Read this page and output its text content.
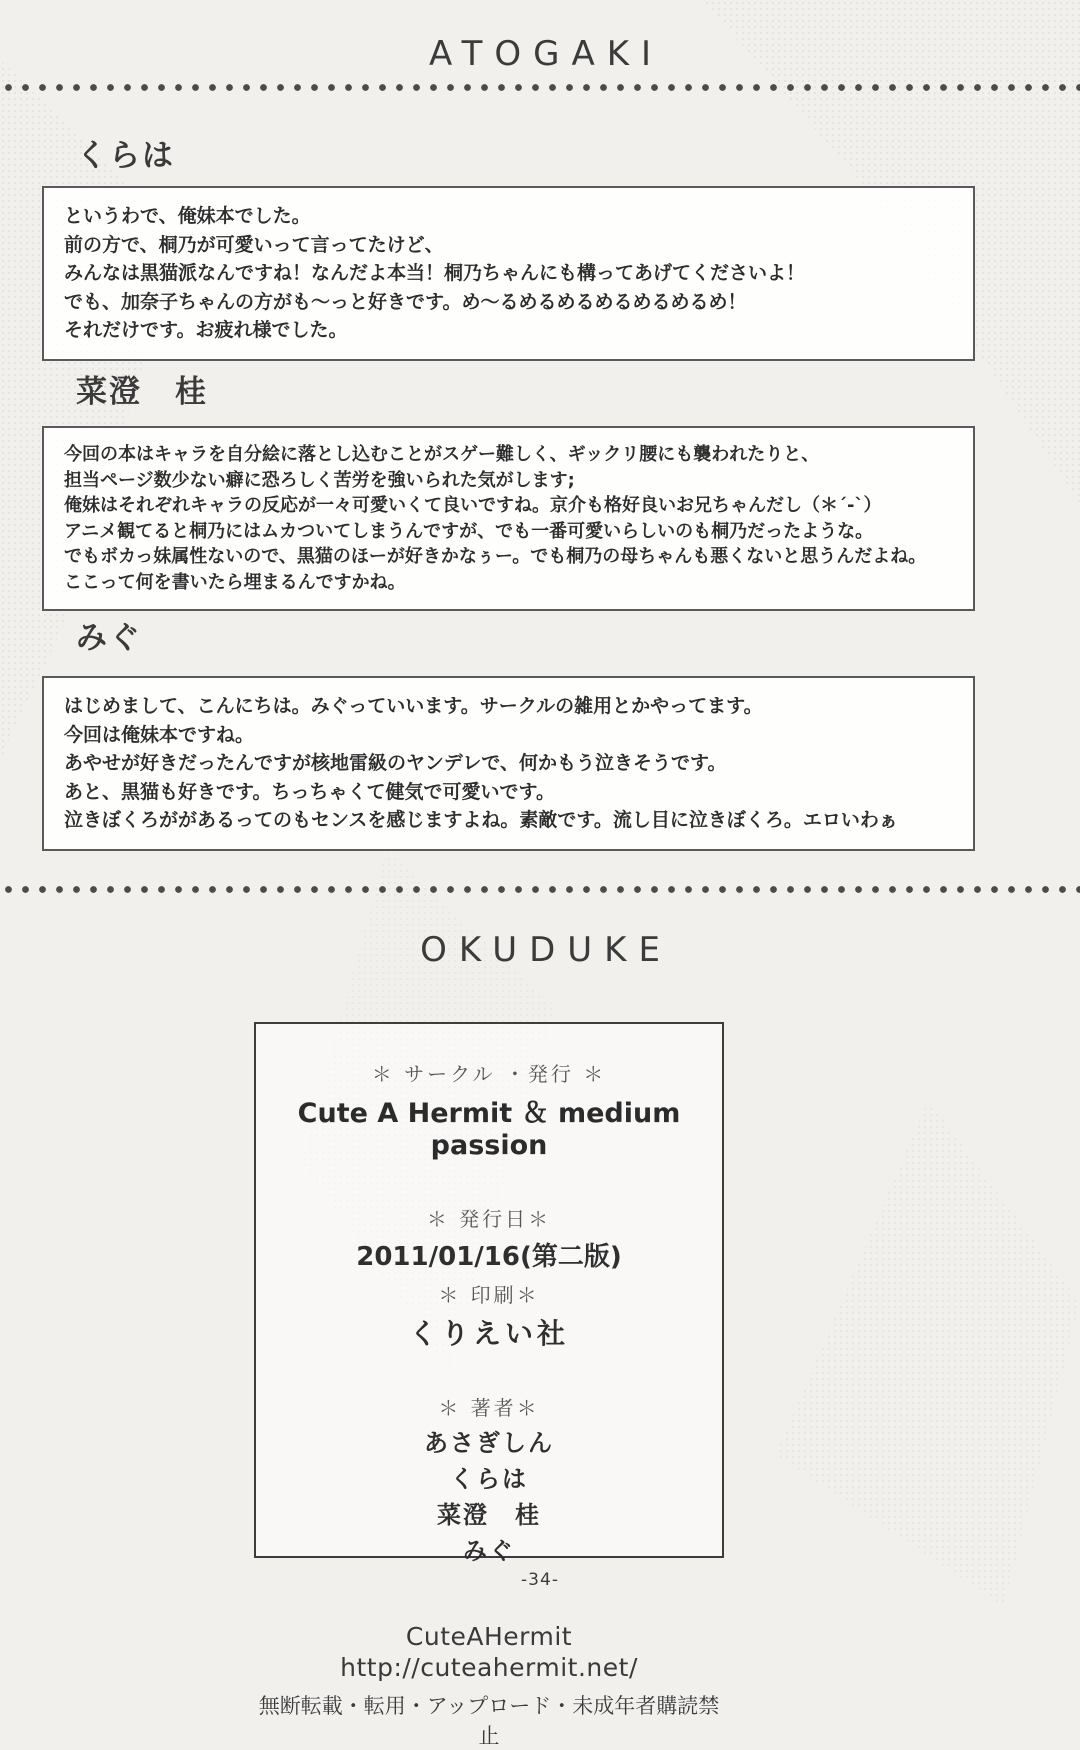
ATOGAKI
くらは

というわで、俺妹本でした。

前の方で、桐乃が可愛いって言ってたけど、

みんなは黒猫派なんですね！なんだよ本当！桐乃ちゃんにも構ってあげてくださいよ！

でも、加奈子ちゃんの方がも～っと好きです。め～るめるめるめるめるめるめ！

それだけです。お疲れ様でした。

菜澄　桂

今回の本はキャラを自分絵に落とし込むことがスゲー難しく、ギックリ腰にも襲われたりと、

担当ページ数少ない癖に恐ろしく苦労を強いられた気がします;

俺妹はそれぞれキャラの反応が一々可愛いくて良いですね。京介も格好良いお兄ちゃんだし（＊´-`）

アニメ観てると桐乃にはムカついてしまうんですが、でも一番可愛いらしいのも桐乃だったような。

でもボカっ妹属性ないので、黒猫のほーが好きかなぅー。でも桐乃の母ちゃんも悪くないと思うんだよね。

ここって何を書いたら埋まるんですかね。

みぐ

はじめまして、こんにちは。みぐっていいます。サークルの雑用とかやってます。

今回は俺妹本ですね。

あやせが好きだったんですが核地雷級のヤンデレで、何かもう泣きそうです。

あと、黒猫も好きです。ちっちゃくて健気で可愛いです。

泣きぼくろががあるってのもセンスを感じますよね。素敵です。流し目に泣きぼくろ。エロいわぁ

OKUDUKE

＊ サークル ・発行 ＊

Cute A Hermit ＆ medium passion

＊ 発行日＊

2011/01/16(第二版)

＊ 印刷＊

くりえい社

＊ 著者＊

あさぎしん

くらは

菜澄　桂

みぐ

CuteAHermit　http://cuteahermit.net/

無断転載・転用・アップロード・未成年者購読禁止

-34-
